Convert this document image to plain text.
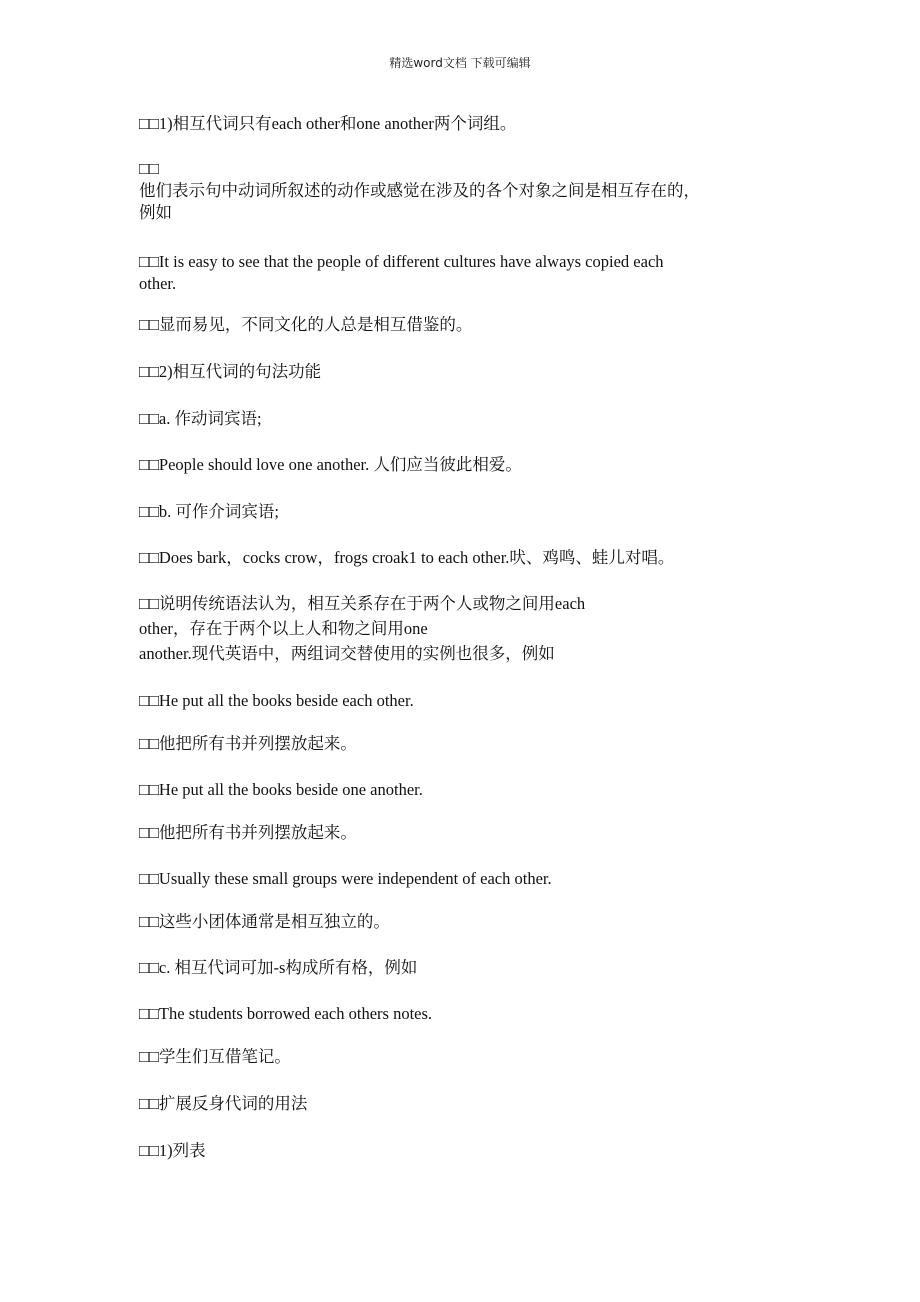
精选word文档 下载可编辑
□□1)相互代词只有each other和one another两个词组。
□□
他们表示句中动词所叙述的动作或感觉在涉及的各个对象之间是相互存在的，
例如
□□It is easy to see that the people of different cultures have always copied each
other.
□□显而易见，不同文化的人总是相互借鉴的。
□□2)相互代词的句法功能
□□a. 作动词宾语;
□□People should love one another. 人们应当彼此相爱。
□□b. 可作介词宾语;
□□Does bark，cocks crow，frogs croak1 to each other.吠、鸡鸣、蛙儿对唱。
□□说明传统语法认为，相互关系存在于两个人或物之间用each
other，存在于两个以上人和物之间用one
another.现代英语中，两组词交替使用的实例也很多，例如
□□He put all the books beside each other.
□□他把所有书并列摆放起来。
□□He put all the books beside one another.
□□他把所有书并列摆放起来。
□□Usually these small groups were independent of each other.
□□这些小团体通常是相互独立的。
□□c. 相互代词可加-s构成所有格，例如
□□The students borrowed each others notes.
□□学生们互借笔记。
□□扩展反身代词的用法
□□1)列表
